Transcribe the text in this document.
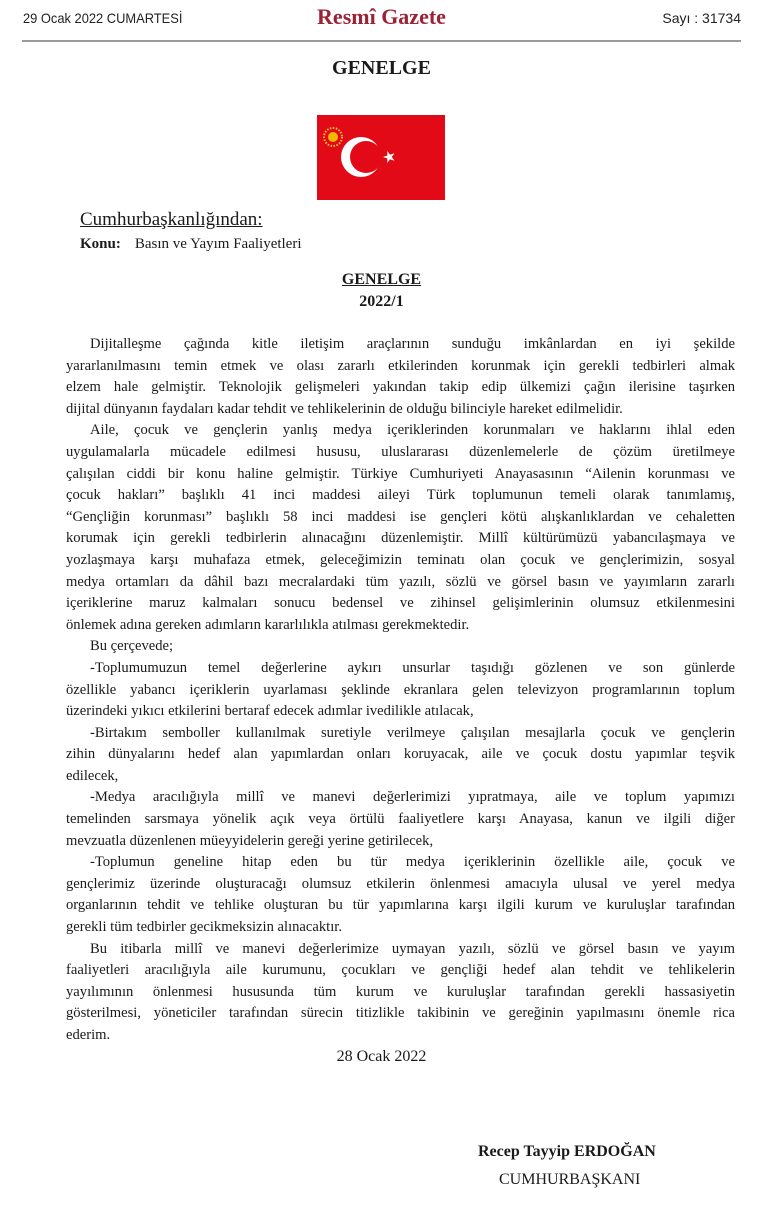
29 Ocak 2022 CUMARTESİ	Resmî Gazete	Sayı : 31734
GENELGE
Cumhurbaşkanlığından:
Konu: Basın ve Yayım Faaliyetleri
GENELGE
2022/1
Dijitalleşme çağında kitle iletişim araçlarının sunduğu imkânlardan en iyi şekilde
yararlanılmasını temin etmek ve olası zararlı etkilerinden korunmak için gerekli tedbirleri almak
elzem hale gelmiştir. Teknolojik gelişmeleri yakından takip edip ülkemizi çağın ilerisine taşırken
dijital dünyanın faydaları kadar tehdit ve tehlikelerinin de olduğu bilinciyle hareket edilmelidir.
Aile, çocuk ve gençlerin yanlış medya içeriklerinden korunmaları ve haklarını ihlal eden
uygulamalarla mücadele edilmesi hususu, uluslararası düzenlemelerle de çözüm üretilmeye
çalışılan ciddi bir konu haline gelmiştir. Türkiye Cumhuriyeti Anayasasının “Ailenin korunması ve
çocuk hakları” başlıklı 41 inci maddesi aileyi Türk toplumunun temeli olarak tanımlamış,
“Gençliğin korunması” başlıklı 58 inci maddesi ise gençleri kötü alışkanlıklardan ve cehaletten
korumak için gerekli tedbirlerin alınacağını düzenlemiştir. Millî kültürümüzü yabancılaşmaya ve
yozlaşmaya karşı muhafaza etmek, geleceğimizin teminatı olan çocuk ve gençlerimizin, sosyal
medya ortamları da dâhil bazı mecralardaki tüm yazılı, sözlü ve görsel basın ve yayımların zararlı
içeriklerine maruz kalmaları sonucu bedensel ve zihinsel gelişimlerinin olumsuz etkilenmesini
önlemek adına gereken adımların kararlılıkla atılması gerekmektedir.
Bu çerçevede;
-Toplumumuzun temel değerlerine aykırı unsurlar taşıdığı gözlenen ve son günlerde
özellikle yabancı içeriklerin uyarlaması şeklinde ekranlara gelen televizyon programlarının toplum
üzerindeki yıkıcı etkilerini bertaraf edecek adımlar ivedilikle atılacak,
-Birtakım semboller kullanılmak suretiyle verilmeye çalışılan mesajlarla çocuk ve gençlerin
zihin dünyalarını hedef alan yapımlardan onları koruyacak, aile ve çocuk dostu yapımlar teşvik
edilecek,
-Medya aracılığıyla millî ve manevi değerlerimizi yıpratmaya, aile ve toplum yapımızı
temelinden sarsmaya yönelik açık veya örtülü faaliyetlere karşı Anayasa, kanun ve ilgili diğer
mevzuatla düzenlenen müeyyidelerin gereği yerine getirilecek,
-Toplumun geneline hitap eden bu tür medya içeriklerinin özellikle aile, çocuk ve
gençlerimiz üzerinde oluşturacağı olumsuz etkilerin önlenmesi amacıyla ulusal ve yerel medya
organlarının tehdit ve tehlike oluşturan bu tür yapımlarına karşı ilgili kurum ve kuruluşlar tarafından
gerekli tüm tedbirler gecikmeksizin alınacaktır.
Bu itibarla millî ve manevi değerlerimize uymayan yazılı, sözlü ve görsel basın ve yayım
faaliyetleri aracılığıyla aile kurumunu, çocukları ve gençliği hedef alan tehdit ve tehlikelerin
yayılımının önlenmesi hususunda tüm kurum ve kuruluşlar tarafından gerekli hassasiyetin
gösterilmesi, yöneticiler tarafından sürecin titizlikle takibinin ve gereğinin yapılmasını önemle rica
ederim.
28 Ocak 2022
Recep Tayyip ERDOĞAN
CUMHURBAŞKANI
